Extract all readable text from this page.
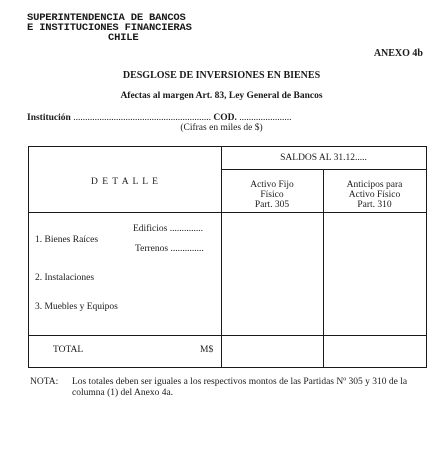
SUPERINTENDENCIA DE BANCOS
E INSTITUCIONES FINANCIERAS
CHILE
ANEXO 4b
DESGLOSE DE INVERSIONES EN BIENES
Afectas al margen Art. 83, Ley General de Bancos
Institución .......................................................... COD. ......................
(Cifras en miles de $)
D E T A L L E
SALDOS AL 31.12.....
Activo Fijo
Físico
Part. 305
Anticipos para
Activo Físico
Part. 310
Edificios ..............
1. Bienes Raíces
Terrenos ..............
2. Instalaciones
3. Muebles y Equipos
TOTAL	M$
NOTA: Los totales deben ser iguales a los respectivos montos de las Partidas Nº 305 y 310 de la columna (1) del Anexo 4a.
